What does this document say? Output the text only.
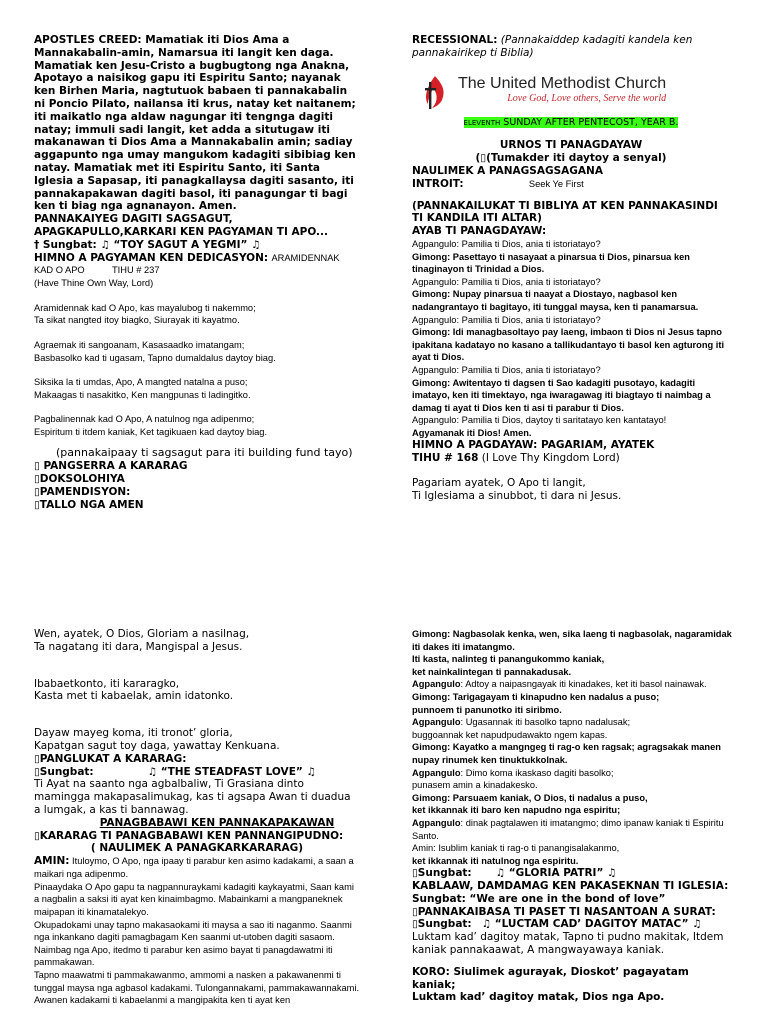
APOSTLES CREED: Mamatiak iti Dios Ama a Mannakabalin-amin, Namarsua iti langit ken daga. Mamatiak ken Jesu-Cristo a bugbugtong nga Anakna, Apotayo a naisikog gapu iti Espiritu Santo; nayanak ken Birhen Maria, nagtutuok babaen ti pannakabalin ni Poncio Pilato, nailansa iti krus, natay ket naitanem; iti maikatlo nga aldaw nagungar iti tengnga dagiti natay; immuli sadi langit, ket adda a situtugaw iti makanawan ti Dios Ama a Mannakabalin amin; sadiay aggapunto nga umay mangukom kadagiti sibibiag ken natay. Mamatiak met iti Espiritu Santo, iti Santa Iglesia a Sapasap, iti panagkallaysa dagiti sasanto, iti pannakapakawan dagiti basol, iti panagungar ti bagi ken ti biag nga agnanayon. Amen.
PANNAKAIYEG DAGITI SAGSAGUT, APAGKAPULLO,KARKARI KEN PAGYAMAN TI APO...
† Sungbat: ♫ “TOY SAGUT A YEGMI” ♫
HIMNO A PAGYAMAN KEN DEDICASYON: ARAMIDENNAK KAD O APO	TIHU # 237
(Have Thine Own Way, Lord)
Aramidennak kad O Apo, kas mayalubog ti nakemmo;
Ta sikat nangted itoy biagko, Siurayak iti kayatmo.
Agraemak iti sangoanam, Kasasaadko imatangam;
Basbasolko kad ti ugasam, Tapno dumaldalus daytoy biag.
Siksika la ti umdas, Apo, A mangted natalna a puso;
Makaagas ti nasakitko, Ken mangpunas ti ladingitko.
Pagbalinennak kad O Apo, A natulnog nga adipenmo;
Espiritum ti itdem kaniak, Ket tagikuaen kad daytoy biag.
(pannakaipaay ti sagsagut para iti building fund tayo)
▯ PANGSERRA A KARARAG
▯DOKSOLOHIYA
▯PAMENDISYON:
▯TALLO NGA AMEN
RECESSIONAL: (Pannakaiddep kadagiti kandela ken pannakairikep ti Biblia)
The United Methodist Church
Love God, Love others, Serve the world
ELEVENTH SUNDAY AFTER PENTECOST, YEAR B.
URNOS TI PANAGDAYAW
(▯(Tumakder iti daytoy a senyal)
NAULIMEK A PANAGSAGSAGANA
INTROIT:	Seek Ye First
(PANNAKAILUKAT TI BIBLIYA AT KEN PANNAKASINDI TI KANDILA ITI ALTAR)
AYAB TI PANAGDAYAW:
Agpangulo: Pamilia ti Dios, ania ti istoriatayo?
Gimong: Pasettayo ti nasayaat a pinarsua ti Dios, pinarsua ken tinaginayon ti Trinidad a Dios.
Agpangulo: Pamilia ti Dios, ania ti istoriatayo?
Gimong: Nupay pinarsua ti naayat a Diostayo, nagbasol ken nadangrantayo ti bagitayo, iti tunggal maysa, ken ti panamarsua.
Agpangulo: Pamilia ti Dios, ania ti istoriatayo?
Gimong: Idi managbasoltayo pay laeng, imbaon ti Dios ni Jesus tapno ipakitana kadatayo no kasano a tallikudantayo ti basol ken agturong iti ayat ti Dios.
Agpangulo: Pamilia ti Dios, ania ti istoriatayo?
Gimong: Awitentayo ti dagsen ti Sao kadagiti pusotayo, kadagiti imatayo, ken iti timektayo, nga iwaragawag iti biagtayo ti naimbag a damag ti ayat ti Dios ken ti asi ti parabur ti Dios.
Agpangulo: Pamilia ti Dios, daytoy ti saritatayo ken kantatayo!
Agyamanak iti Dios! Amen.
HIMNO A PAGDAYAW: PAGARIAM, AYATEK
TIHU # 168 (I Love Thy Kingdom Lord)
Pagariam ayatek, O Apo ti langit,
Ti Iglesiama a sinubbot, ti dara ni Jesus.
Wen, ayatek, O Dios, Gloriam a nasilnag,
Ta nagatang iti dara, Mangispal a Jesus.
Ibabaetkonto, iti kararagko,
Kasta met ti kabaelak, amin idatonko.
Dayaw mayeg koma, iti tronot’ gloria,
Kapatgan sagut toy daga, yawattay Kenkuana.
▯PANGLUKAT A KARARAG:
▯Sungbat:	♫ “THE STEADFAST LOVE” ♫
Ti Ayat na saanto nga agbalbaliw, Ti Grasiana dinto mamingga makapasalimukag, kas ti agsapa Awan ti duadua a lumgak, a kas ti bannawag.
PANAGBABAWI KEN PANNAKAPAKAWAN
▯KARARAG TI PANAGBABAWI KEN PANNANGIPUDNO:
( NAULIMEK A PANAGKARKARARAG)
AMIN: Ituloymo, O Apo, nga ipaay ti parabur ken asimo kadakami, a saan a maikari nga adipenmo.
Pinaaydaka O Apo gapu ta nagpannuraykami kadagiti kaykayatmi, Saan kami a nagbalin a saksi iti ayat ken kinaimbagmo. Mabainkami a mangpaneknek maipapan iti kinamatalekyo.
Okupadokami unay tapno makasaokami iti maysa a sao iti naganmo. Saanmi nga inkankano dagiti pamagbagam Ken saanmi ut-utoben dagiti sasaom.
Naimbag nga Apo, itedmo ti parabur ken asimo bayat ti panagdawatmi iti pammakawan.
Tapno maawatmi ti pammakawanmo, ammomi a nasken a pakawanenmi ti tunggal maysa nga agbasol kadakami. Tulongannakami, pammakawannakami.
Awanen kadakami ti kabaelanmi a mangipakita ken ti ayat ken
Gimong: Nagbasolak kenka, wen, sika laeng ti nagbasolak, nagaramidak iti dakes iti imatangmo.
Iti kasta, nalinteg ti panangukommo kaniak,
ket nainkalintegan ti pannakadusak.
Agpangulo: Adtoy a naipasngayak iti kinadakes, ket iti basol nainawak.
Gimong: Tarigagayam ti kinapudno ken nadalus a puso;
punnoem ti panunotko iti siribmo.
Agpangulo: Ugasannak iti basolko tapno nadalusak;
buggoannak ket napudpudawakto ngem kapas.
Gimong: Kayatko a mangngeg ti rag-o ken ragsak; agragsakak manen nupay rinumek ken tinuktukkolnak.
Agpangulo: Dimo koma ikaskaso dagiti basolko;
punasem amin a kinadakesko.
Gimong: Parsuaem kaniak, O Dios, ti nadalus a puso,
ket ikkannak iti baro ken napudno nga espiritu;
Agpangulo: dinak pagtalawen iti imatangmo; dimo ipanaw kaniak ti Espiritu Santo.
Amin: Isublim kaniak ti rag-o ti panangisalakanmo,
ket ikkannak iti natulnog nga espiritu.
▯Sungbat: ♫ “GLORIA PATRI” ♫
KABLAAW, DAMDAMAG KEN PAKASEKNAN TI IGLESIA:
Sungbat: “We are one in the bond of love”
▯PANNAKAIBASA TI PASET TI NASANTOAN A SURAT:
▯Sungbat: ♫ “LUCTAM CAD’ DAGITOY MATAC” ♫
Luktam kad’ dagitoy matak, Tapno ti pudno makitak, Itdem kaniak pannakaawat, A mangwayawaya kaniak.
KORO: Siulimek agurayak, Dioskot’ pagayatam kaniak;
Luktam kad’ dagitoy matak, Dios nga Apo.
